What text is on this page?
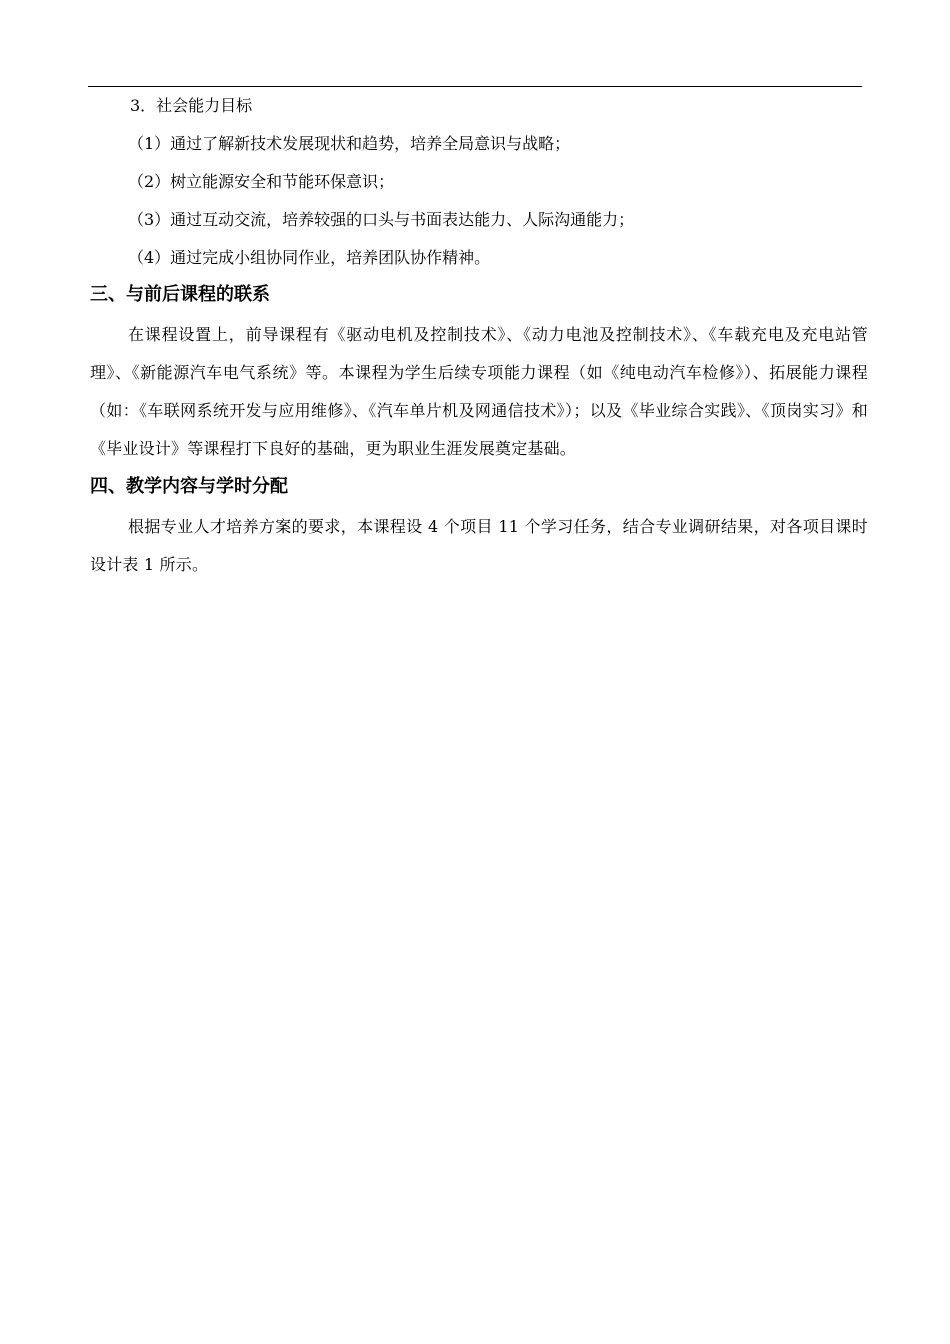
3．社会能力目标

（1）通过了解新技术发展现状和趋势，培养全局意识与战略；

（2）树立能源安全和节能环保意识；

（3）通过互动交流，培养较强的口头与书面表达能力、人际沟通能力；

（4）通过完成小组协同作业，培养团队协作精神。

三、与前后课程的联系

在课程设置上，前导课程有《驱动电机及控制技术》、《动力电池及控制技术》、《车载充电及充电站管理》、《新能源汽车电气系统》等。本课程为学生后续专项能力课程（如《纯电动汽车检修》）、拓展能力课程（如：《车联网系统开发与应用维修》、《汽车单片机及网通信技术》）；以及《毕业综合实践》、《顶岗实习》和《毕业设计》等课程打下良好的基础，更为职业生涯发展奠定基础。

四、教学内容与学时分配

根据专业人才培养方案的要求，本课程设 4 个项目 11 个学习任务，结合专业调研结果，对各项目课时设计表 1 所示。
